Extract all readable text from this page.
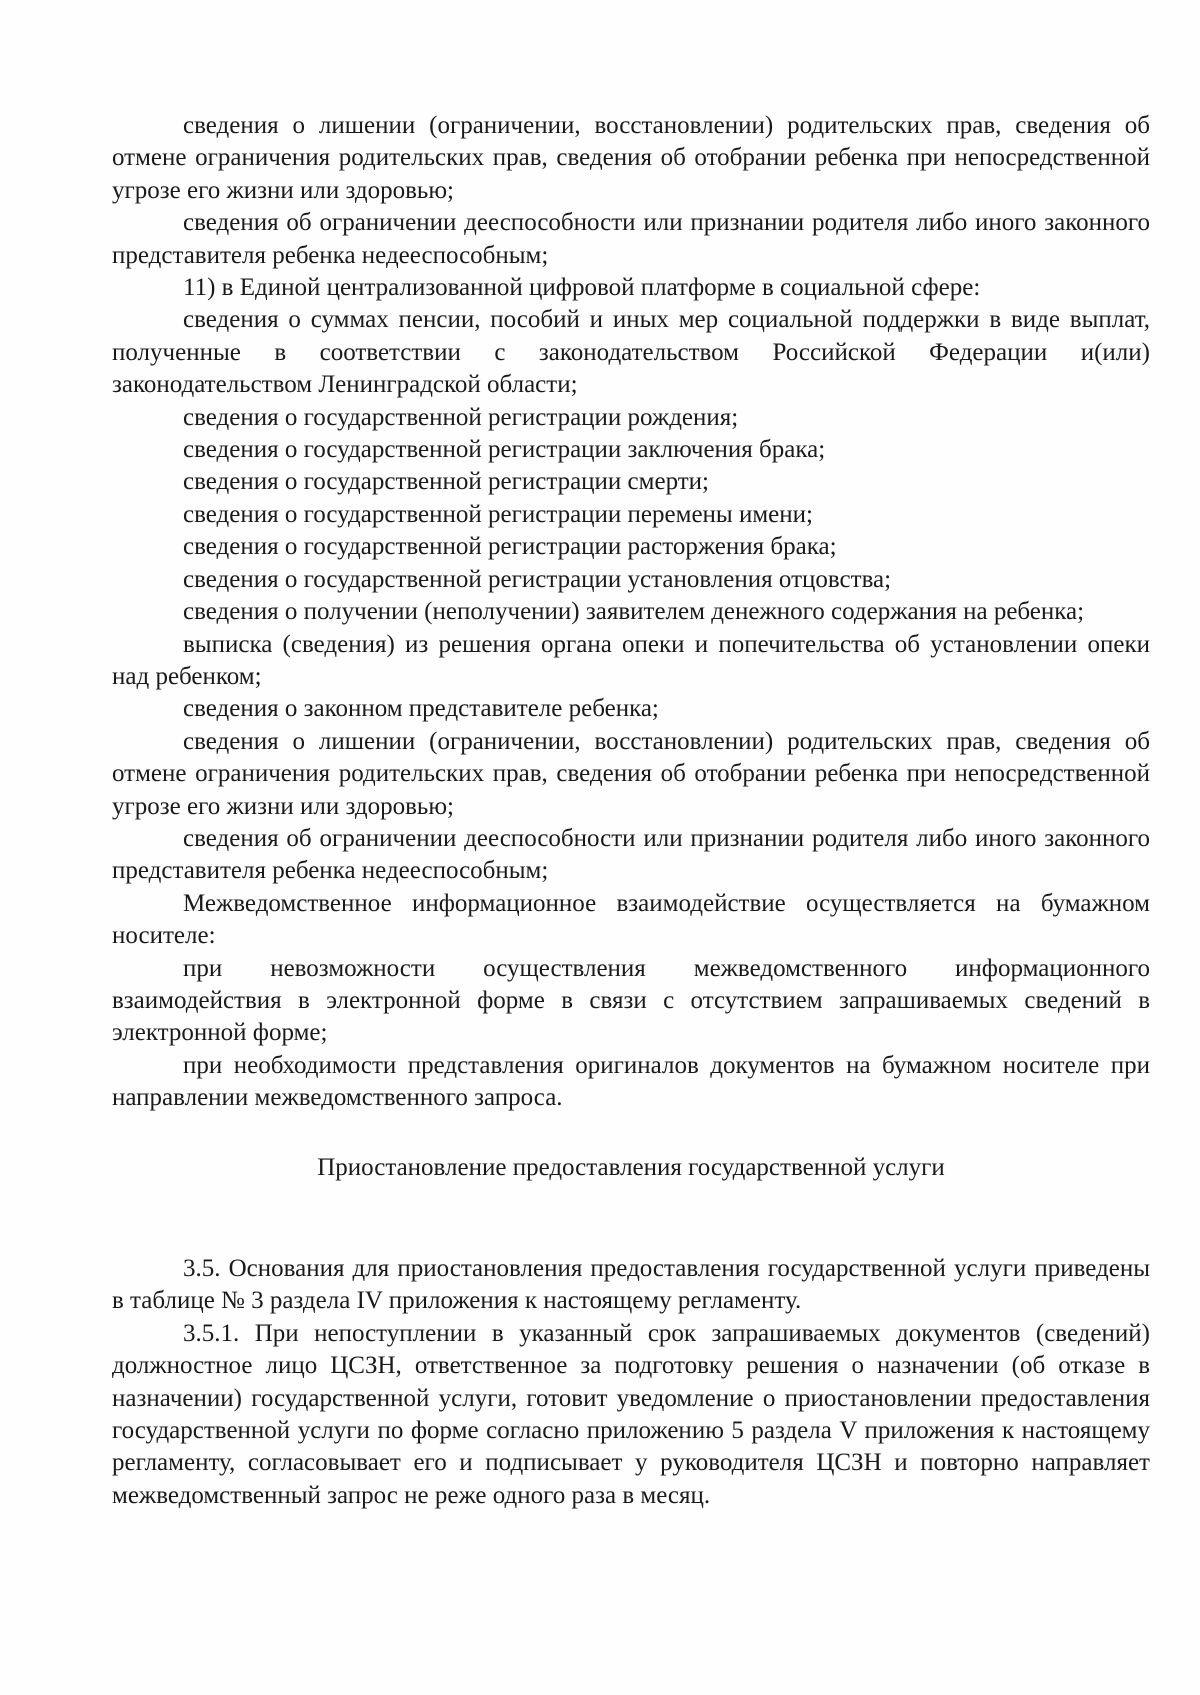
сведения о лишении (ограничении, восстановлении) родительских прав, сведения об отмене ограничения родительских прав, сведения об отобрании ребенка при непосредственной угрозе его жизни или здоровью;

сведения об ограничении дееспособности или признании родителя либо иного законного представителя ребенка недееспособным;

11) в Единой централизованной цифровой платформе в социальной сфере:

сведения о суммах пенсии, пособий и иных мер социальной поддержки в виде выплат, полученные в соответствии с законодательством Российской Федерации и(или) законодательством Ленинградской области;

сведения о государственной регистрации рождения;

сведения о государственной регистрации заключения брака;

сведения о государственной регистрации смерти;

сведения о государственной регистрации перемены имени;

сведения о государственной регистрации расторжения брака;

сведения о государственной регистрации установления отцовства;

сведения о получении (неполучении) заявителем денежного содержания на ребенка;

выписка (сведения) из решения органа опеки и попечительства об установлении опеки над ребенком;

сведения о законном представителе ребенка;

сведения о лишении (ограничении, восстановлении) родительских прав, сведения об отмене ограничения родительских прав, сведения об отобрании ребенка при непосредственной угрозе его жизни или здоровью;

сведения об ограничении дееспособности или признании родителя либо иного законного представителя ребенка недееспособным;

Межведомственное информационное взаимодействие осуществляется на бумажном носителе:

при невозможности осуществления межведомственного информационного взаимодействия в электронной форме в связи с отсутствием запрашиваемых сведений в электронной форме;

при необходимости представления оригиналов документов на бумажном носителе при направлении межведомственного запроса.

Приостановление предоставления государственной услуги

3.5. Основания для приостановления предоставления государственной услуги приведены в таблице № 3 раздела IV приложения к настоящему регламенту.

3.5.1. При непоступлении в указанный срок запрашиваемых документов (сведений) должностное лицо ЦСЗН, ответственное за подготовку решения о назначении (об отказе в назначении) государственной услуги, готовит уведомление о приостановлении предоставления государственной услуги по форме согласно приложению 5 раздела V приложения к настоящему регламенту, согласовывает его и подписывает у руководителя ЦСЗН и повторно направляет межведомственный запрос не реже одного раза в месяц.
